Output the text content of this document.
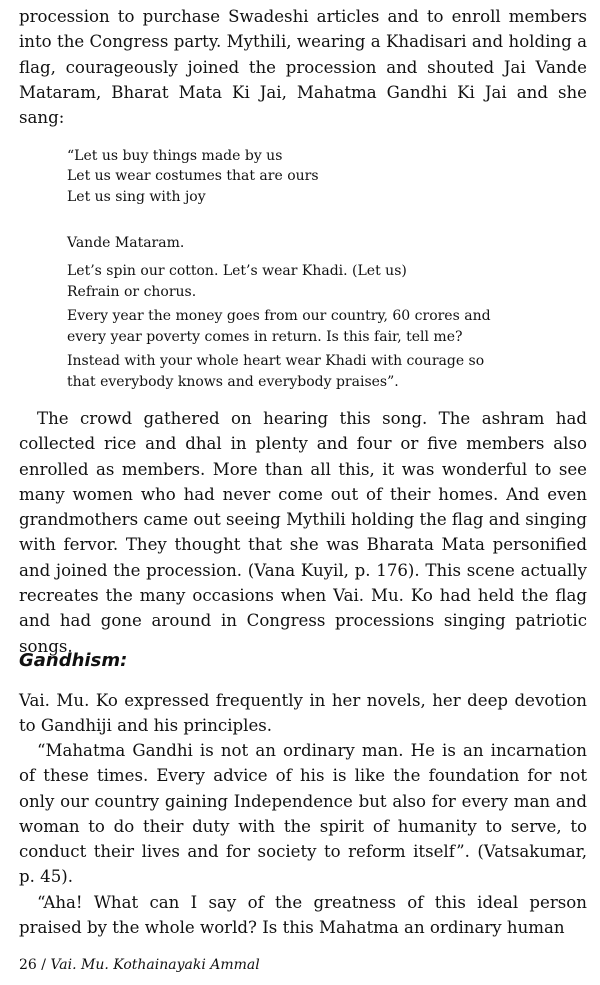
procession to purchase Swadeshi articles and to enroll members into the Congress party. Mythili, wearing a Khadisari and holding a flag, courageously joined the procession and shouted Jai Vande Mataram, Bharat Mata Ki Jai, Mahatma Gandhi Ki Jai and she sang:

“Let us buy things made by us
Let us wear costumes that are ours
Let us sing with joy
Vande Mataram.
Let’s spin our cotton. Let’s wear Khadi. (Let us)
Refrain or chorus.
Every year the money goes from our country, 60 crores and
every year poverty comes in return. Is this fair, tell me?
Instead with your whole heart wear Khadi with courage so
that everybody knows and everybody praises”.

The crowd gathered on hearing this song. The ashram had collected rice and dhal in plenty and four or five members also enrolled as members. More than all this, it was wonderful to see many women who had never come out of their homes. And even grandmothers came out seeing Mythili holding the flag and singing with fervor. They thought that she was Bharata Mata personified and joined the procession. (Vana Kuyil, p. 176). This scene actually recreates the many occasions when Vai. Mu. Ko had held the flag and had gone around in Congress processions singing patriotic songs.

Gandhism:

Vai. Mu. Ko expressed frequently in her novels, her deep devotion to Gandhiji and his principles.

“Mahatma Gandhi is not an ordinary man. He is an incarnation of these times. Every advice of his is like the foundation for not only our country gaining Independence but also for every man and woman to do their duty with the spirit of humanity to serve, to conduct their lives and for society to reform itself”. (Vatsakumar, p. 45).

“Aha! What can I say of the greatness of this ideal person praised by the whole world? Is this Mahatma an ordinary human

26 / Vai. Mu. Kothainayaki Ammal
